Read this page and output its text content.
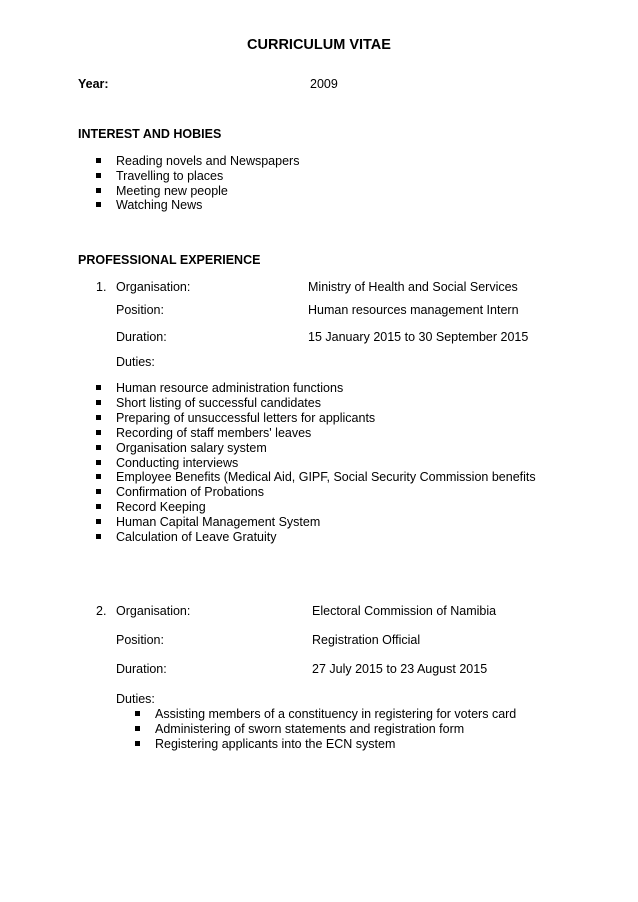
CURRICULUM VITAE
Year:	2009
INTEREST AND HOBIES
Reading novels and Newspapers
Travelling to places
Meeting new people
Watching News
PROFESSIONAL EXPERIENCE
1. Organisation:	Ministry of Health and Social Services
Position:	Human resources management Intern
Duration:	15 January 2015 to 30 September 2015
Duties:
Human resource administration functions
Short listing of successful candidates
Preparing of unsuccessful letters for applicants
Recording of staff members' leaves
Organisation salary system
Conducting interviews
Employee Benefits (Medical Aid, GIPF, Social Security Commission benefits
Confirmation of Probations
Record Keeping
Human Capital Management System
Calculation of Leave Gratuity
2. Organisation:	Electoral Commission of Namibia
Position:	Registration Official
Duration:	27 July 2015 to 23 August 2015
Duties:
Assisting members of a constituency in registering for voters card
Administering of sworn statements and registration form
Registering applicants into the ECN system
